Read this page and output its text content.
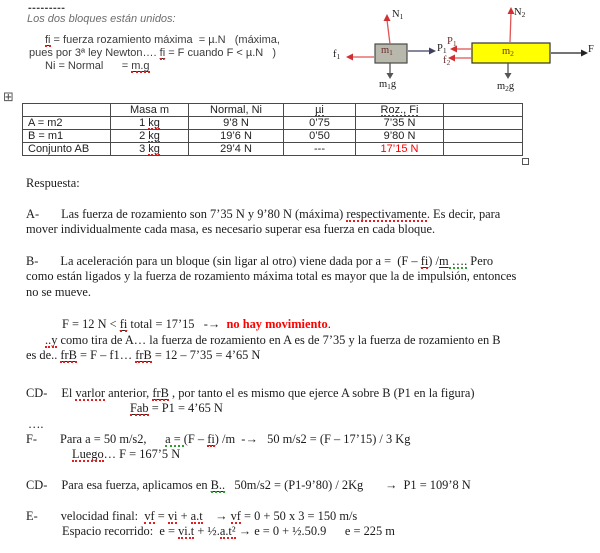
---------
Los dos bloques están unidos:
fi = fuerza rozamiento máxima  = µ.N   (máxima,
pues por 3ª ley Newton…. fi = F cuando F < µ.N   )
Ni = Normal      = m.g
$N_1$
$P_1$
$f_1$
$m_1$
$m_1g$
$N_2$
F
$P_1$
$f_2$
$m_2$
$m_2g$
⊞
	Masa m	Normal, Ni	µi	Roz., Fi	
A = m2	1 kg	9’8 N	0’75	7’35 N	
B = m1	2 kg	19’6 N	0’50	9’80 N	
Conjunto AB	3 kg	29’4 N	---	17’15 N	
Respuesta:
A- Las fuerza de rozamiento son 7’35 N y 9’80 N (máxima) respectivamente. Es decir, para
mover individualmente cada masa, es necesario superar esa fuerza en cada bloque.
B- La aceleración para un bloque (sin ligar al otro) viene dada por a =  (F – fi) /m …. Pero
como están ligados y la fuerza de rozamiento máxima total es mayor que la de impulsión, entonces
no se mueve.
F = 12 N < fi total = 17’15   -→ no hay movimiento.
..y como tira de A… la fuerza de rozamiento en A es de 7’35 y la fuerza de rozamiento en B
es de.. frB = F – f1… frB = 12 – 7’35 = 4’65 N
CD- El varlor anterior, frB , por tanto el es mismo que ejerce A sobre B (P1 en la figura)
Fab = P1 = 4’65 N
….
F- Para a = 50 m/s2,      a = (F – fi) /m  -→   50 m/s2 = (F – 17’15) / 3 Kg
Luego… F = 167’5 N
CD- Para esa fuerza, aplicamos en B..   50m/s2 = (P1-9’80) / 2Kg       →  P1 = 109’8 N
E- velocidad final:  vf = vi + a.t → vf = 0 + 50 x 3 = 150 m/s
Espacio recorrido:  e = vi.t + ½.a.t² → e = 0 + ½.50.9      e = 225 m
